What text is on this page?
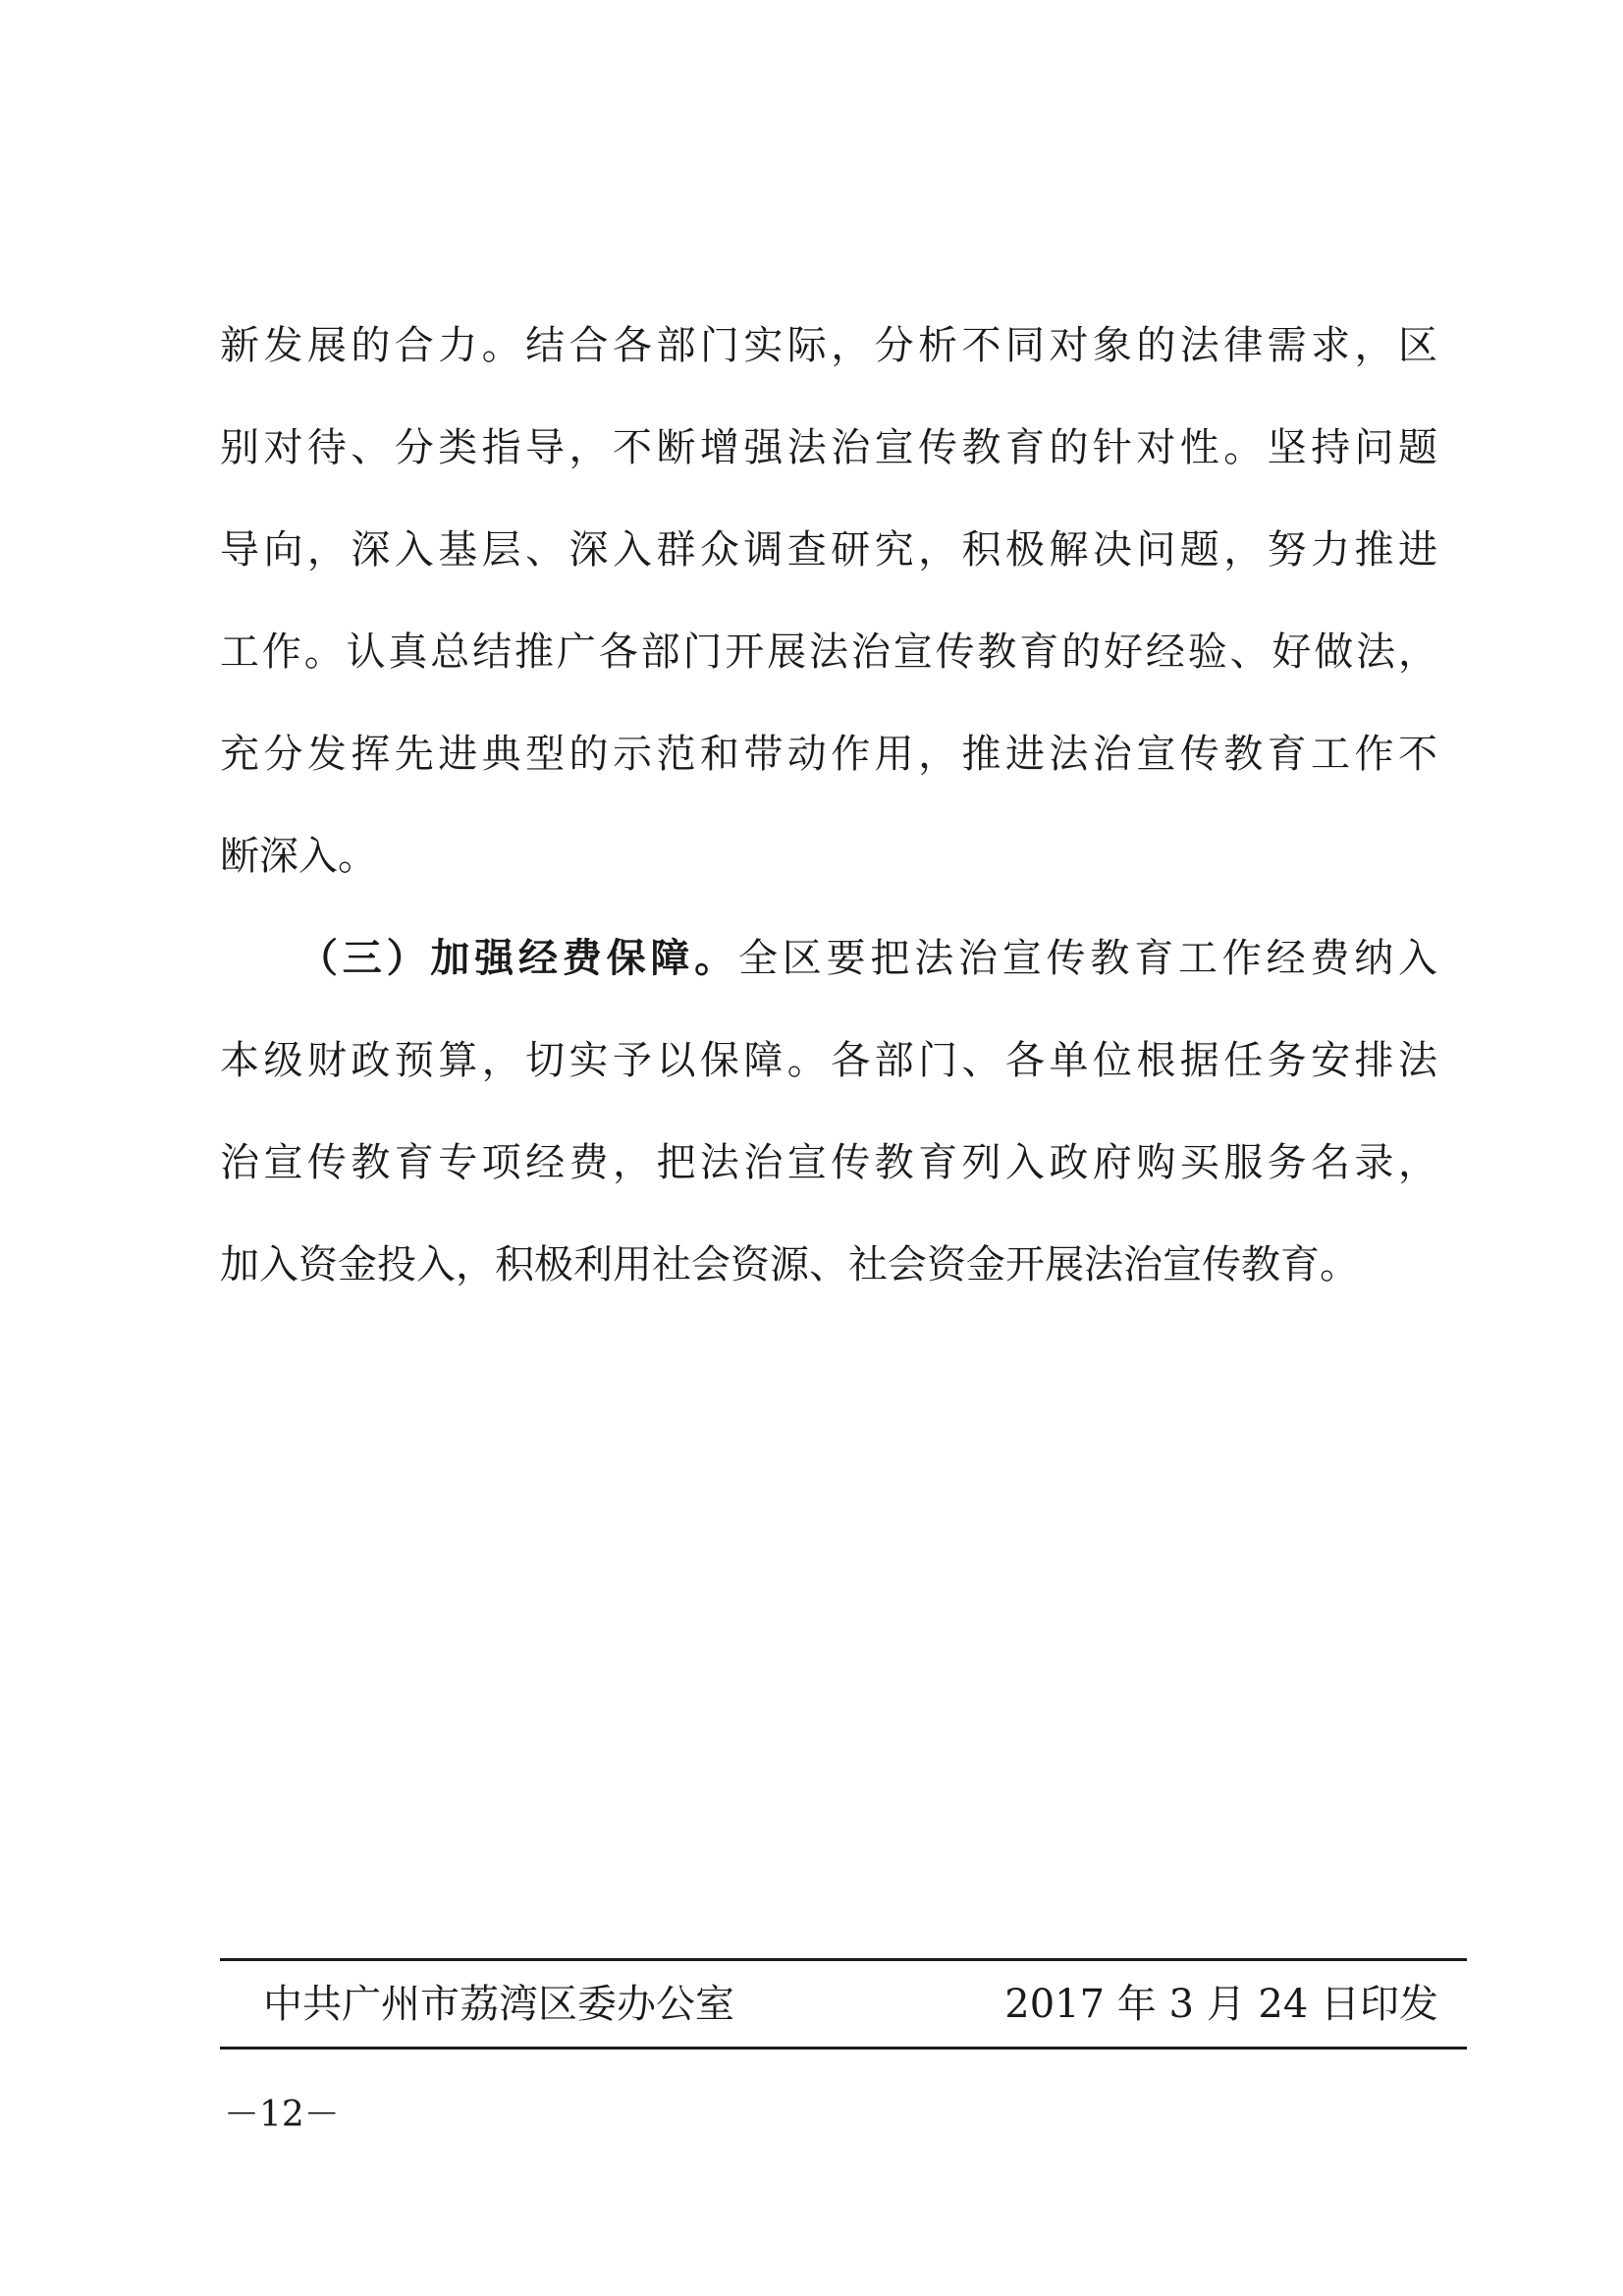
新发展的合力。结合各部门实际，分析不同对象的法律需求，区
别对待、分类指导，不断增强法治宣传教育的针对性。坚持问题
导向，深入基层、深入群众调查研究，积极解决问题，努力推进
工作。认真总结推广各部门开展法治宣传教育的好经验、好做法，
充分发挥先进典型的示范和带动作用，推进法治宣传教育工作不
断深入。
（三）加强经费保障。全区要把法治宣传教育工作经费纳入
本级财政预算，切实予以保障。各部门、各单位根据任务安排法
治宣传教育专项经费，把法治宣传教育列入政府购买服务名录，
加入资金投入，积极利用社会资源、社会资金开展法治宣传教育。
中共广州市荔湾区委办公室	2017 年 3 月 24 日印发
－12－
